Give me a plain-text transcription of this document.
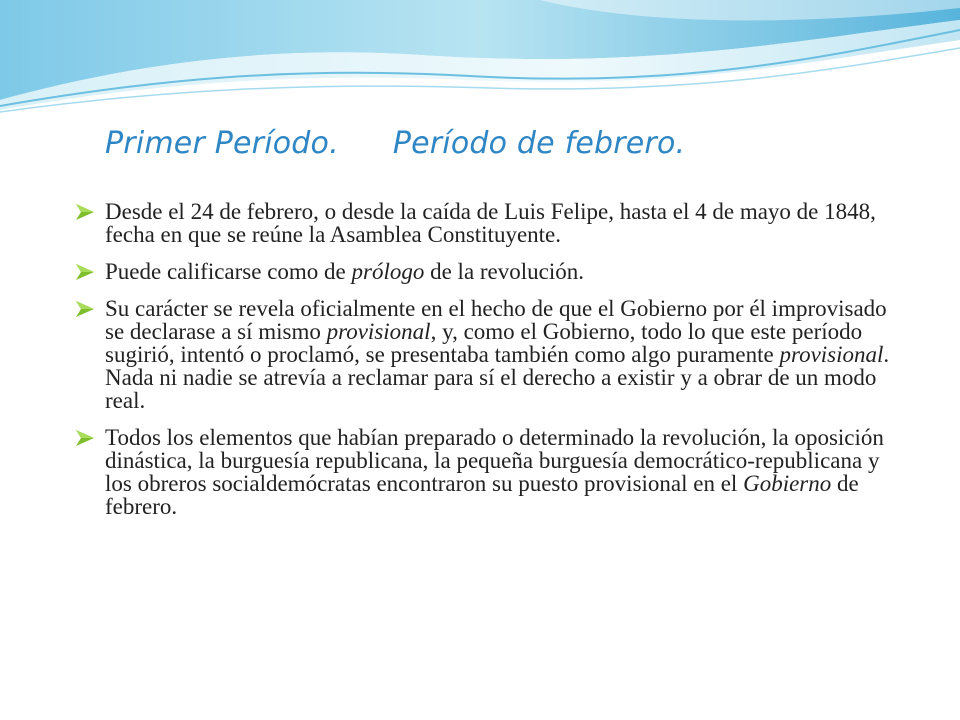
Primer Período. Período de febrero.
Desde el 24 de febrero, o desde la caída de Luis Felipe, hasta el 4 de mayo de 1848, fecha en que se reúne la Asamblea Constituyente.
Puede calificarse como de prólogo de la revolución.
Su carácter se revela oficialmente en el hecho de que el Gobierno por él improvisado se declarase a sí mismo provisional, y, como el Gobierno, todo lo que este período sugirió, intentó o proclamó, se presentaba también como algo puramente provisional. Nada ni nadie se atrevía a reclamar para sí el derecho a existir y a obrar de un modo real.
Todos los elementos que habían preparado o determinado la revolución, la oposición dinástica, la burguesía republicana, la pequeña burguesía democrático-republicana y los obreros socialdemócratas encontraron su puesto provisional en el Gobierno de febrero.
